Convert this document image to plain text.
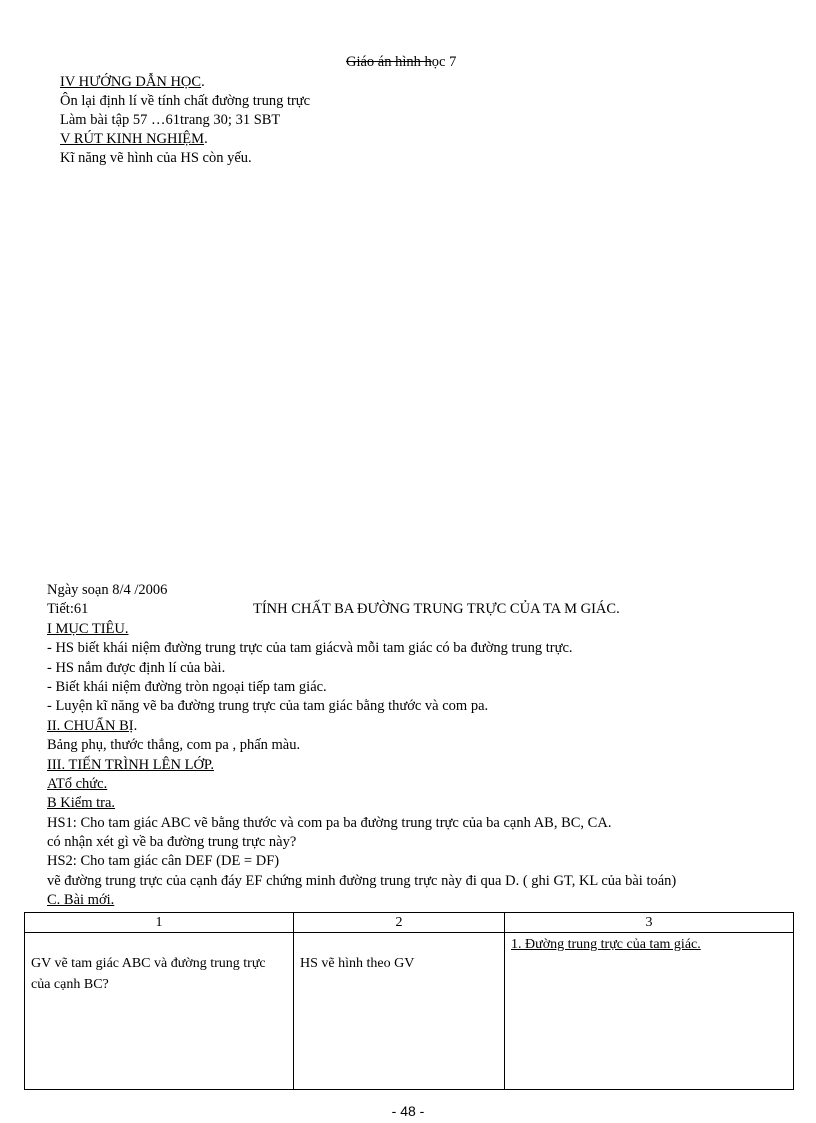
Giáo án hình học 7
IV HƯỚNG DẪN HỌC.
Ôn lại định lí về tính chất đường trung trực
Làm bài tập 57 …61trang 30; 31 SBT
V RÚT KINH NGHIỆM.
Kĩ năng vẽ hình của HS còn yếu.
Ngày soạn 8/4 /2006
Tiết:61	TÍNH CHẤT BA ĐƯỜNG TRUNG TRỰC CỦA TA M GIÁC.
I MỤC TIÊU.
- HS biết khái niệm đường trung trực của tam giácvà mỗi tam giác có ba đường trung trực.
- HS nắm được định lí của bài.
- Biết khái niệm đường tròn ngoại tiếp tam giác.
- Luyện kĩ năng vẽ ba đường trung trực của tam giác bằng thước và com pa.
II. CHUẨN BỊ.
Bảng phụ, thước thẳng, com pa , phấn màu.
III. TIẾN TRÌNH LÊN LỚP.
ATổ chức.
B Kiểm tra.
HS1: Cho tam giác ABC vẽ bằng thước và com pa ba đường trung trực của ba cạnh AB, BC, CA.
có nhận xét gì về ba đường trung trực này?
HS2: Cho tam giác cân DEF (DE = DF)
vẽ đường trung trực của cạnh đáy EF chứng minh đường trung trực này đi qua D. ( ghi GT, KL của bài toán)
C. Bài mới.
1	2	3
GV vẽ tam giác ABC và đường trung trực của cạnh BC?	HS vẽ hình theo GV	1. Đường trung trực của tam giác.
- 48 -
